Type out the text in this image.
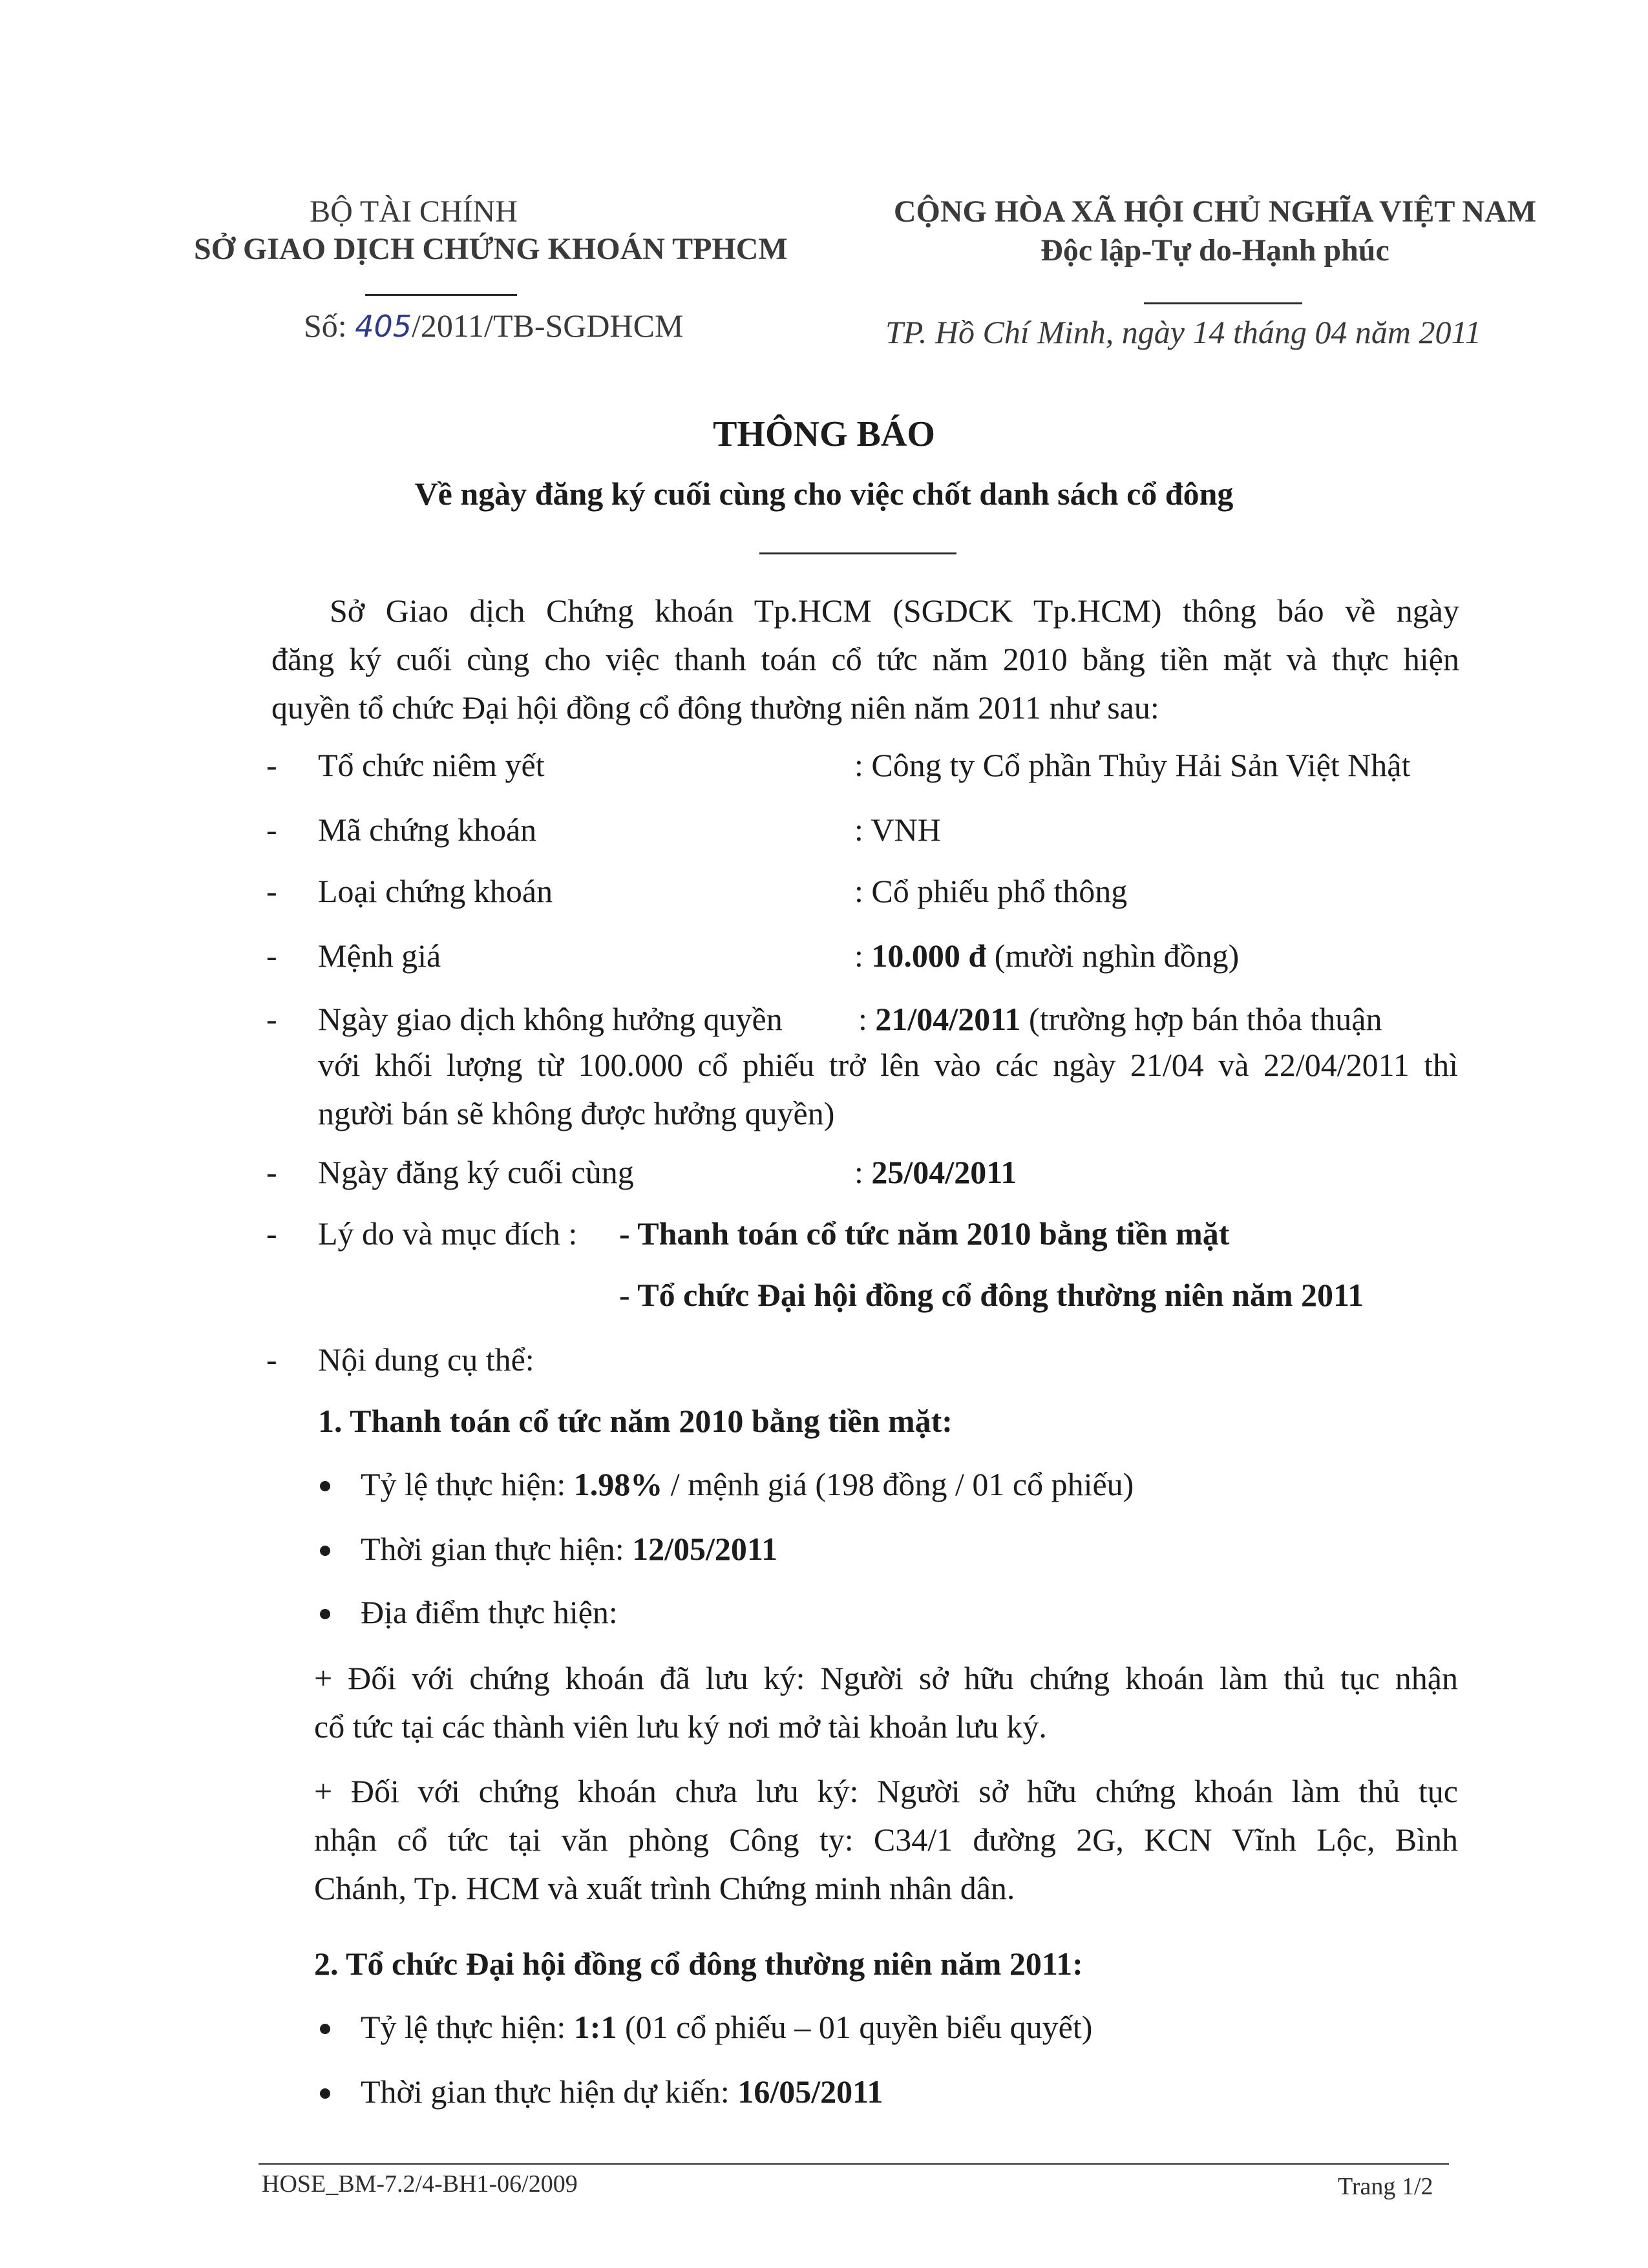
BỘ TÀI CHÍNH
SỞ GIAO DỊCH CHỨNG KHOÁN TPHCM
Số: 405/2011/TB-SGDHCM
CỘNG HÒA XÃ HỘI CHỦ NGHĨA VIỆT NAM
Độc lập-Tự do-Hạnh phúc
TP. Hồ Chí Minh, ngày 14 tháng 04 năm 2011
THÔNG BÁO
Về ngày đăng ký cuối cùng cho việc chốt danh sách cổ đông
Sở Giao dịch Chứng khoán Tp.HCM (SGDCK Tp.HCM) thông báo về ngày
đăng ký cuối cùng cho việc thanh toán cổ tức năm 2010 bằng tiền mặt và thực hiện
quyền tổ chức Đại hội đồng cổ đông thường niên năm 2011 như sau:
- Tổ chức niêm yết	: Công ty Cổ phần Thủy Hải Sản Việt Nhật
- Mã chứng khoán	: VNH
- Loại chứng khoán	: Cổ phiếu phổ thông
- Mệnh giá	: 10.000 đ (mười nghìn đồng)
- Ngày giao dịch không hưởng quyền : 21/04/2011 (trường hợp bán thỏa thuận
với khối lượng từ 100.000 cổ phiếu trở lên vào các ngày 21/04 và 22/04/2011 thì
người bán sẽ không được hưởng quyền)
- Ngày đăng ký cuối cùng	: 25/04/2011
- Lý do và mục đích : - Thanh toán cổ tức năm 2010 bằng tiền mặt
- Tổ chức Đại hội đồng cổ đông thường niên năm 2011
- Nội dung cụ thể:
1. Thanh toán cổ tức năm 2010 bằng tiền mặt:
Tỷ lệ thực hiện: 1.98% / mệnh giá (198 đồng / 01 cổ phiếu)
Thời gian thực hiện: 12/05/2011
Địa điểm thực hiện:
+ Đối với chứng khoán đã lưu ký: Người sở hữu chứng khoán làm thủ tục nhận
cổ tức tại các thành viên lưu ký nơi mở tài khoản lưu ký.
+ Đối với chứng khoán chưa lưu ký: Người sở hữu chứng khoán làm thủ tục
nhận cổ tức tại văn phòng Công ty: C34/1 đường 2G, KCN Vĩnh Lộc, Bình
Chánh, Tp. HCM và xuất trình Chứng minh nhân dân.
2. Tổ chức Đại hội đồng cổ đông thường niên năm 2011:
Tỷ lệ thực hiện: 1:1 (01 cổ phiếu – 01 quyền biểu quyết)
Thời gian thực hiện dự kiến: 16/05/2011
HOSE_BM-7.2/4-BH1-06/2009	Trang 1/2
